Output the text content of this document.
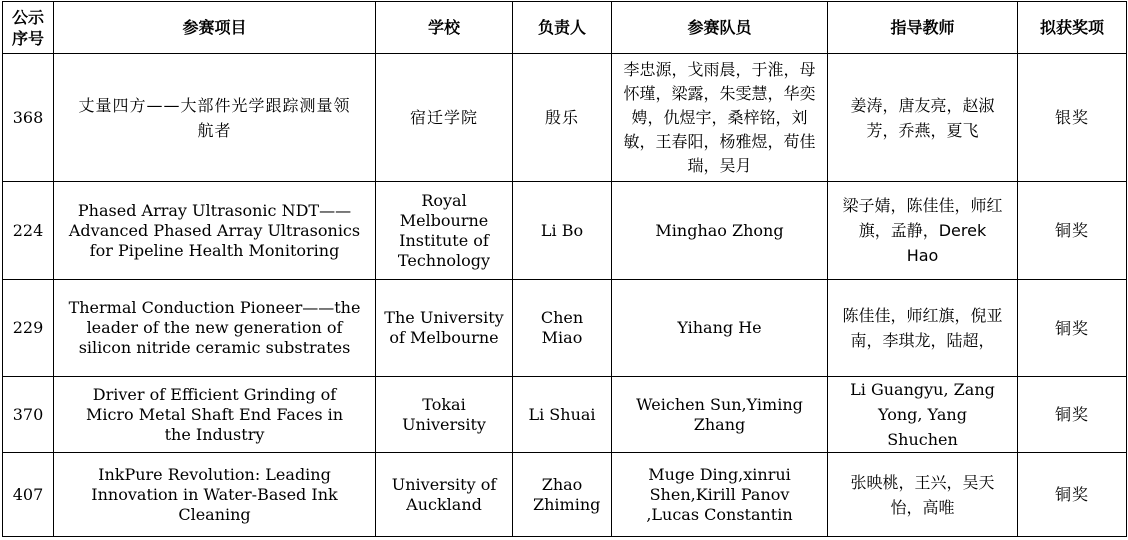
公示
序号	参赛项目	学校	负责人	参赛队员	指导教师	拟获奖项
368	丈量四方——大部件光学跟踪测量领航者	宿迁学院	殷乐	李忠源，戈雨晨，于淮，母怀瑾，梁露，朱雯慧，华奕娉，仇煜宇，桑梓铭，刘敏，王春阳，杨雅煜，荀佳瑞，吴月	姜涛，唐友亮，赵淑芳，乔燕，夏飞	银奖
224	Phased Array Ultrasonic NDT——Advanced Phased Array Ultrasonics for Pipeline Health Monitoring	Royal Melbourne Institute of Technology	Li Bo	Minghao Zhong	梁子婧，陈佳佳，师红旗，孟静，Derek Hao	铜奖
229	Thermal Conduction Pioneer——the leader of the new generation of silicon nitride ceramic substrates	The University of Melbourne	Chen Miao	Yihang He	陈佳佳，师红旗，倪亚南，李琪龙，陆超，	铜奖
370	Driver of Efficient Grinding of Micro Metal Shaft End Faces in the Industry	Tokai University	Li Shuai	Weichen Sun,Yiming Zhang	Li Guangyu, Zang Yong, Yang Shuchen	铜奖
407	InkPure Revolution: Leading Innovation in Water-Based Ink Cleaning	University of Auckland	Zhao Zhiming	Muge Ding,xinrui Shen,Kirill Panov ,Lucas Constantin	张映桃，王兴，吴天怡，高唯	铜奖
